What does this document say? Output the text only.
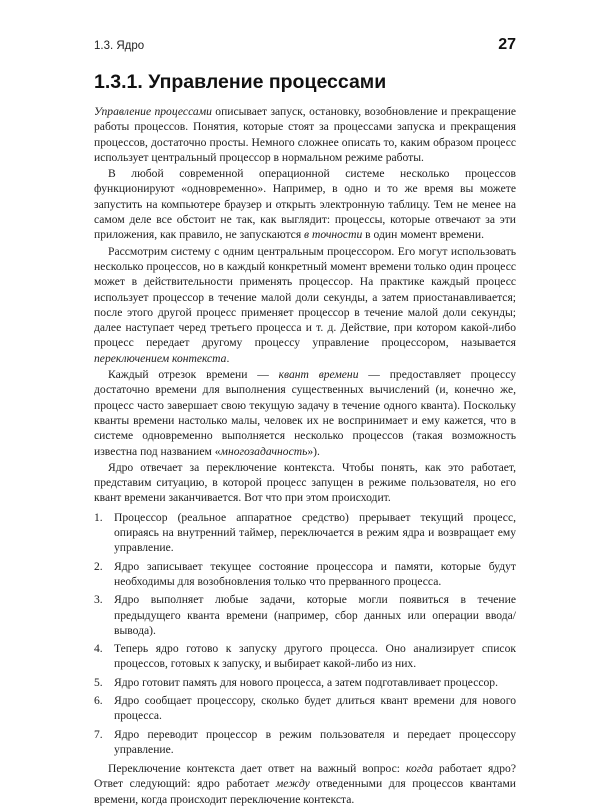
1.3. Ядро	27
1.3.1. Управление процессами

Управление процессами описывает запуск, остановку, возобновление и прекращение работы процессов. Понятия, которые стоят за процессами запуска и прекращения процессов, достаточно просты. Немного сложнее описать то, каким образом процесс использует центральный процессор в нормальном режиме работы.

В любой современной операционной системе несколько процессов функционируют «одновременно». Например, в одно и то же время вы можете запустить на компьютере браузер и открыть электронную таблицу. Тем не менее на самом деле все обстоит не так, как выглядит: процессы, которые отвечают за эти приложения, как правило, не запускаются в точности в один момент времени.

Рассмотрим систему с одним центральным процессором. Его могут использовать несколько процессов, но в каждый конкретный момент времени только один процесс может в действительности применять процессор. На практике каждый процесс использует процессор в течение малой доли секунды, а затем приостанавливается; после этого другой процесс применяет процессор в течение малой доли секунды; далее наступает черед третьего процесса и т. д. Действие, при котором какой-либо процесс передает другому процессу управление процессором, называется переключением контекста.

Каждый отрезок времени — квант времени — предоставляет процессу достаточно времени для выполнения существенных вычислений (и, конечно же, процесс часто завершает свою текущую задачу в течение одного кванта). Поскольку кванты времени настолько малы, человек их не воспринимает и ему кажется, что в системе одновременно выполняется несколько процессов (такая возможность известна под названием «многозадачность»).

Ядро отвечает за переключение контекста. Чтобы понять, как это работает, представим ситуацию, в которой процесс запущен в режиме пользователя, но его квант времени заканчивается. Вот что при этом происходит.

1. Процессор (реальное аппаратное средство) прерывает текущий процесс, опираясь на внутренний таймер, переключается в режим ядра и возвращает ему управление.
2. Ядро записывает текущее состояние процессора и памяти, которые будут необходимы для возобновления только что прерванного процесса.
3. Ядро выполняет любые задачи, которые могли появиться в течение предыдущего кванта времени (например, сбор данных или операции ввода/вывода).
4. Теперь ядро готово к запуску другого процесса. Оно анализирует список процессов, готовых к запуску, и выбирает какой-либо из них.
5. Ядро готовит память для нового процесса, а затем подготавливает процессор.
6. Ядро сообщает процессору, сколько будет длиться квант времени для нового процесса.
7. Ядро переводит процессор в режим пользователя и передает процессору управление.

Переключение контекста дает ответ на важный вопрос: когда работает ядро? Ответ следующий: ядро работает между отведенными для процессов квантами времени, когда происходит переключение контекста.
